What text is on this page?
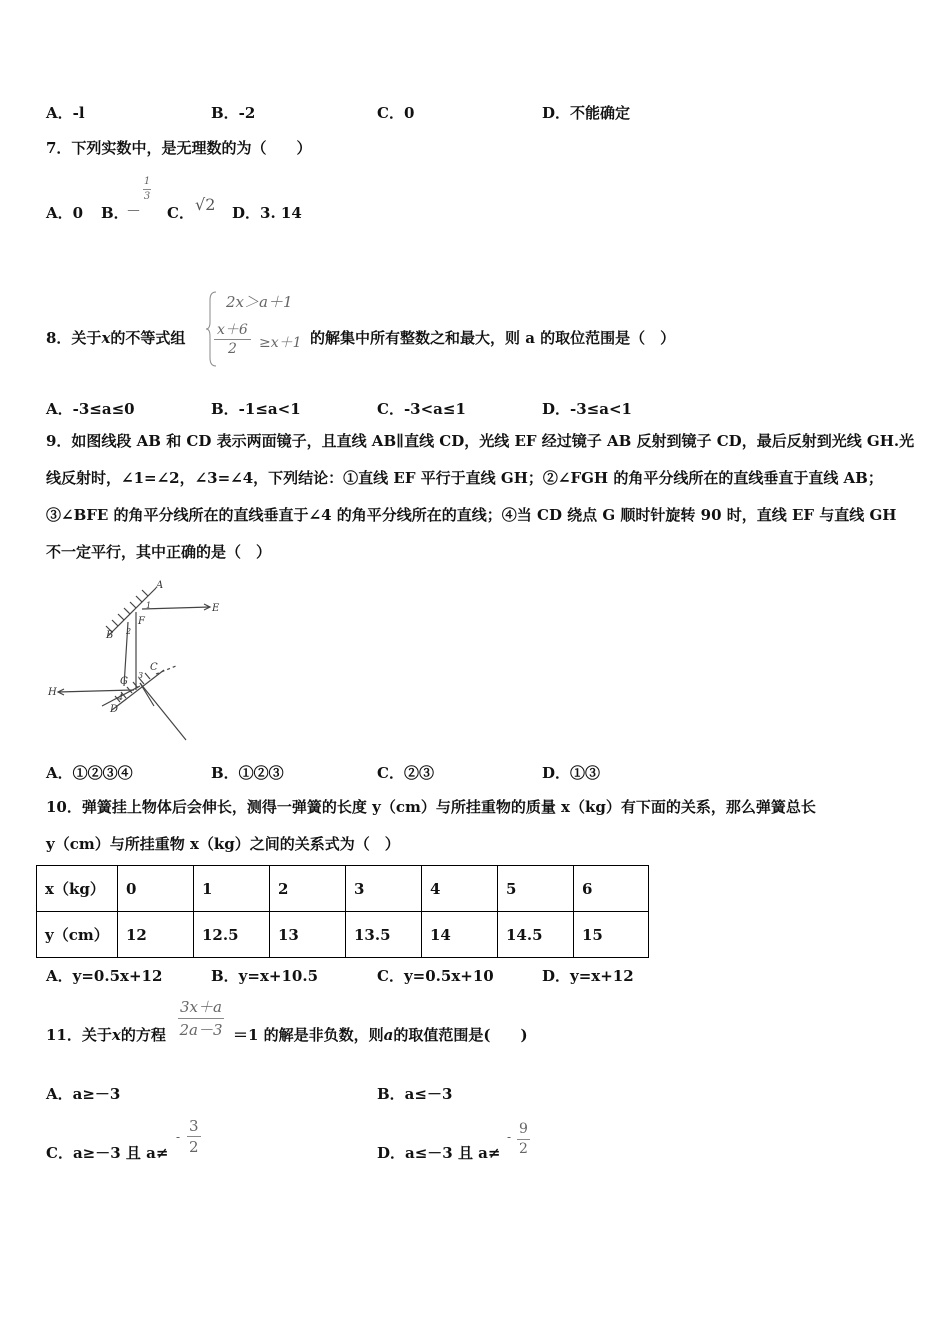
A．-l	B．-2	C．0	D．不能确定
7．下列实数中，是无理数的为（　　）
A．0 B．
－
1
3
C． √2 D．3. 14
8．关于x的不等式组
2x＞a＋1
$\frac{x+6}{2} \ge x+1$ 的解集中所有整数之和最大，则 a 的取位范围是（　）
A．-3≤a≤0	B．-1≤a<1	C．-3<a≤1	D．-3≤a<1
9．如图线段 AB 和 CD 表示两面镜子，且直线 AB∥直线 CD，光线 EF 经过镜子 AB 反射到镜子 CD，最后反射到光线 GH.光线反射时，∠1=∠2，∠3=∠4，下列结论：①直线 EF 平行于直线 GH；②∠FGH 的角平分线所在的直线垂直于直线 AB；③∠BFE 的角平分线所在的直线垂直于∠4 的角平分线所在的直线；④当 CD 绕点 G 顺时针旋转 90 时，直线 EF 与直线 GH 不一定平行，其中正确的是（　）
A
B
C
D
E
F
G
H
1
2
3
4
A．①②③④	B．①②③	C．②③	D．①③
10．弹簧挂上物体后会伸长，测得一弹簧的长度 y（cm）与所挂重物的质量 x（kg）有下面的关系，那么弹簧总长
y（cm）与所挂重物 x（kg）之间的关系式为（　）
x（kg）	0	1	2	3	4	5	6
y（cm）	12	12.5	13	13.5	14	14.5	15
A．y=0.5x+12	B．y=x+10.5	C．y=0.5x+10	D．y=x+12
11．关于x的方程 $\frac{3x+a}{2a-3} =1$ 的解是非负数，则a的取值范围是(　　)
A．a≥－3	B．a≤－3
C．a≥－3 且 a≠
- $\frac{3}{2}$	D．a≤－3 且 a≠
- $\frac{9}{2}$
